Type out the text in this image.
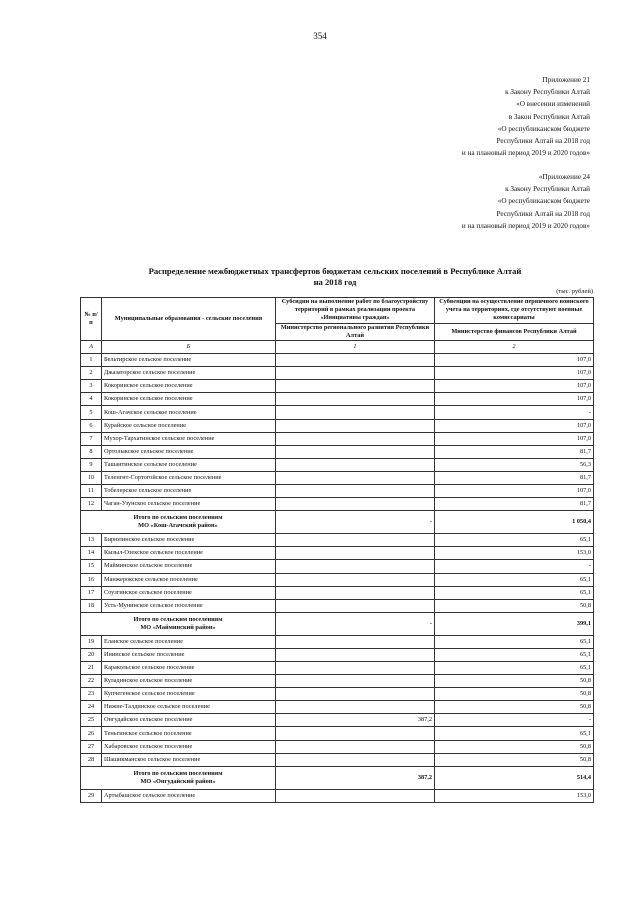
354
Приложение 21
к Закону Республики Алтай
«О внесении изменений
в Закон Республики Алтай
«О республиканском бюджете
Республики Алтай на 2018 год
и на плановый период 2019 и 2020 годов»
«Приложение 24
к Закону Республики Алтай
«О республиканском бюджете
Республики Алтай на 2018 год
и на плановый период 2019 и 2020 годов»
Распределение межбюджетных трансфертов бюджетам сельских поселений в Республике Алтай
на 2018 год
(тыс. рублей)
№ п/п	Муниципальные образования - сельские поселения	Субсидии на выполнение работ по благоустройству территорий в рамках реализации проекта «Инициативы граждан»	Субвенции на осуществление первичного воинского учета на территориях, где отсутствуют военные комиссариаты
		Министерство регионального развития Республики Алтай	Министерство финансов Республики Алтай
А	Б	1	2
1	Бельтирское сельское поселение		107,0
2	Джазаторское сельское поселение		107,0
3	Кокоринское сельское поселение		107,0
4	Кокоринское сельское поселение		107,0
5	Кош-Агачское сельское поселение		-
6	Курайское сельское поселение		107,0
7	Мухор-Тархатинское сельское поселение		107,0
8	Ортолыкское сельское поселение		81,7
9	Ташантинское сельское поселение		56,3
10	Теленгит-Сортогойское сельское поселение		81,7
11	Тобелерское сельское поселение		107,0
12	Чаган-Узунское сельское поселение		81,7

Итого по сельским поселениям
МО «Кош-Агачский район»		-	1 050,4
13	Бирюлинское сельское поселение		65,1
14	Кызыл-Озекское сельское поселение		153,0
15	Майминское сельское поселение		-
16	Манжерокское сельское поселение		65,1
17	Соузгинское сельское поселение		65,1
18	Усть-Мунинское сельское поселение		50,8

Итого по сельским поселениям
МО «Майминский район»		-	399,1
19	Еланское сельское поселение		65,1
20	Ининское сельское поселение		65,1
21	Каракольское сельское поселение		65,1
22	Куладинское сельское поселение		50,8
23	Купчегенское сельское поселение		50,8
24	Нижне-Талдинское сельское поселение		50,8
25	Онгудайское сельское поселение	387,2	-
26	Теньгинское сельское поселение		65,1
27	Хабаровское сельское поселение		50,8
28	Шашикманское сельское поселение		50,8

Итого по сельским поселениям
МО «Онгудайский район»		387,2	514,4
29	Артыбашское сельское поселение		153,0
